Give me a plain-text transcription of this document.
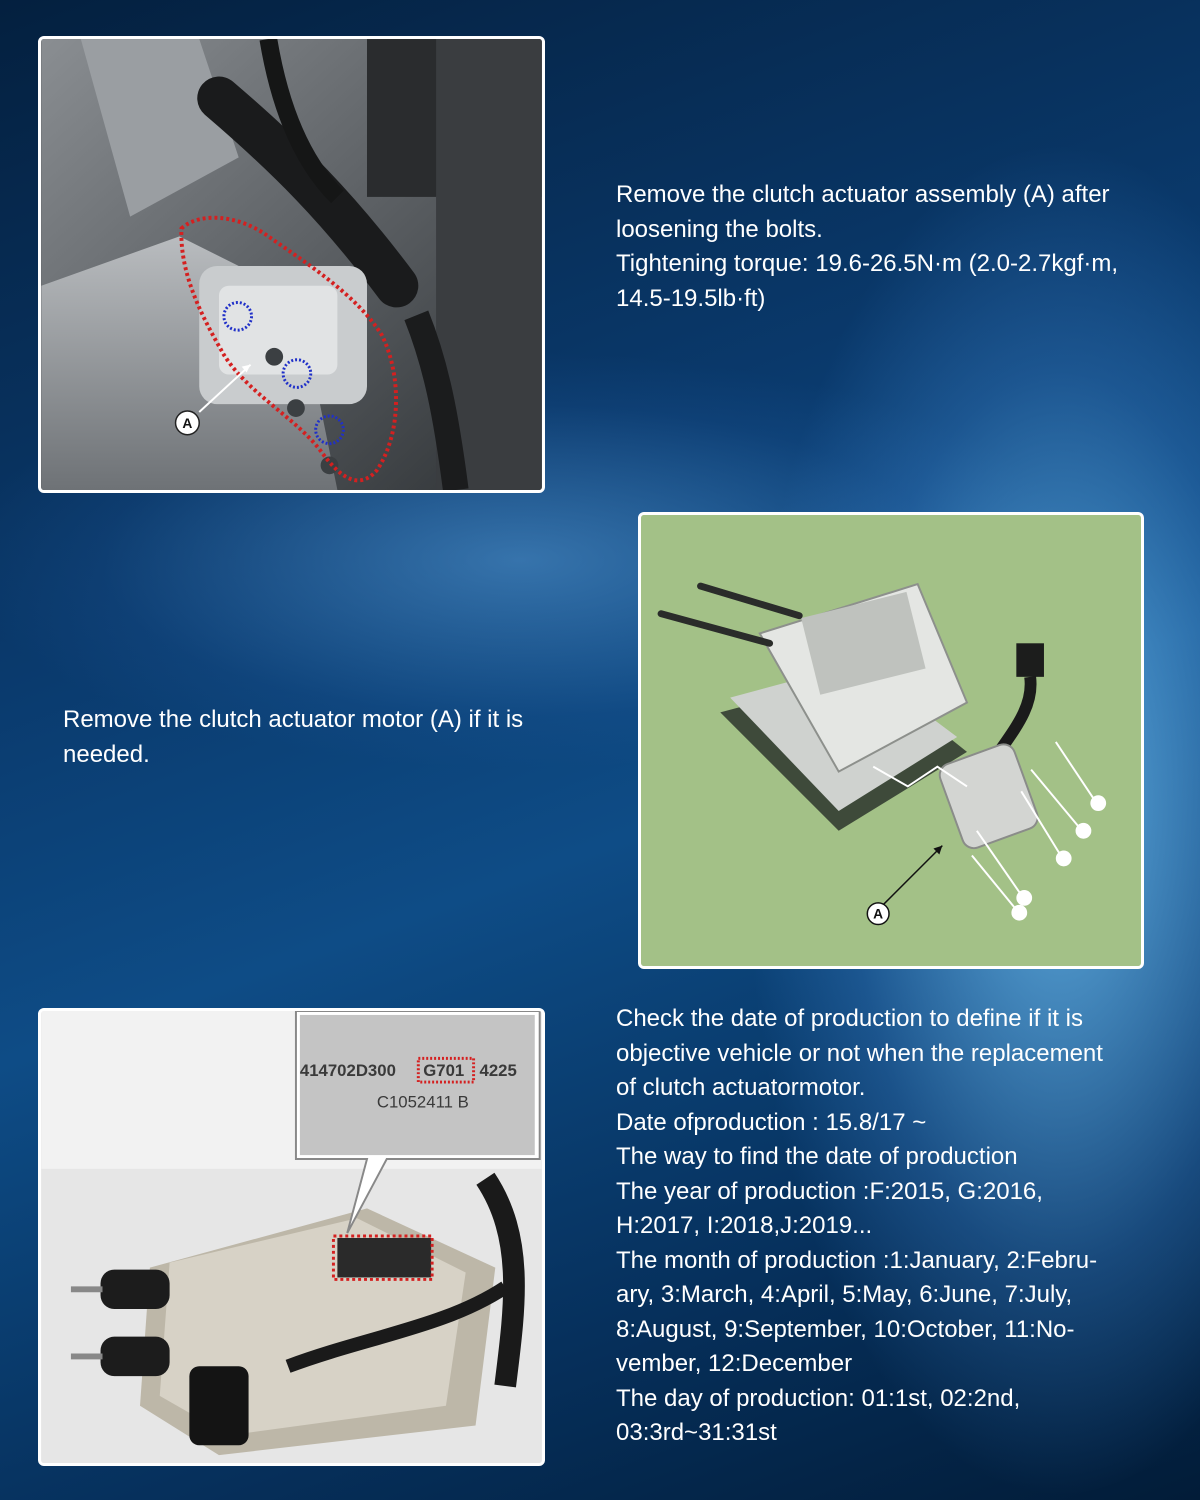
A
Remove the clutch actuator assembly (A) after
loosening the bolts.
Tightening torque: 19.6-26.5N·m (2.0-2.7kgf·m,
14.5-19.5lb·ft)
Remove the clutch actuator motor (A) if it is
needed.
A
414702D300 G701 4225
C1052411 B
Check the date of production to define if it is
objective vehicle or not when the replacement
of clutch actuatormotor.
Date ofproduction : 15.8/17 ~
The way to find the date of production
The year of production :F:2015, G:2016,
H:2017, I:2018,J:2019...
The month of production :1:January, 2:Febru-
ary, 3:March, 4:April, 5:May, 6:June, 7:July,
8:August, 9:September, 10:October, 11:No-
vember, 12:December
The day of production: 01:1st, 02:2nd,
03:3rd~31:31st
